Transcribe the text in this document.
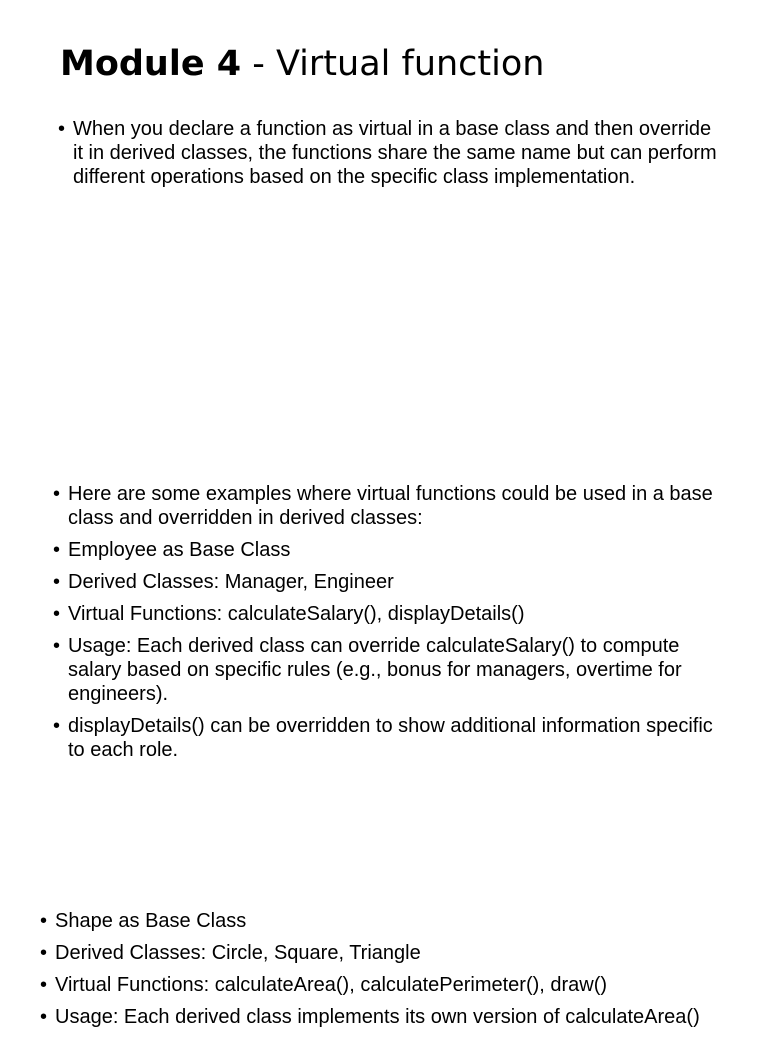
Module 4 - Virtual function
• When you declare a function as virtual in a base class and then override it in derived classes, the functions share the same name but can perform different operations based on the specific class implementation.
• Here are some examples where virtual functions could be used in a base class and overridden in derived classes:
• Employee as Base Class
• Derived Classes: Manager, Engineer
• Virtual Functions: calculateSalary(), displayDetails()
• Usage: Each derived class can override calculateSalary() to compute salary based on specific rules (e.g., bonus for managers, overtime for engineers).
• displayDetails() can be overridden to show additional information specific to each role.
• Shape as Base Class
• Derived Classes: Circle, Square, Triangle
• Virtual Functions: calculateArea(), calculatePerimeter(), draw()
• Usage: Each derived class implements its own version of calculateArea()
